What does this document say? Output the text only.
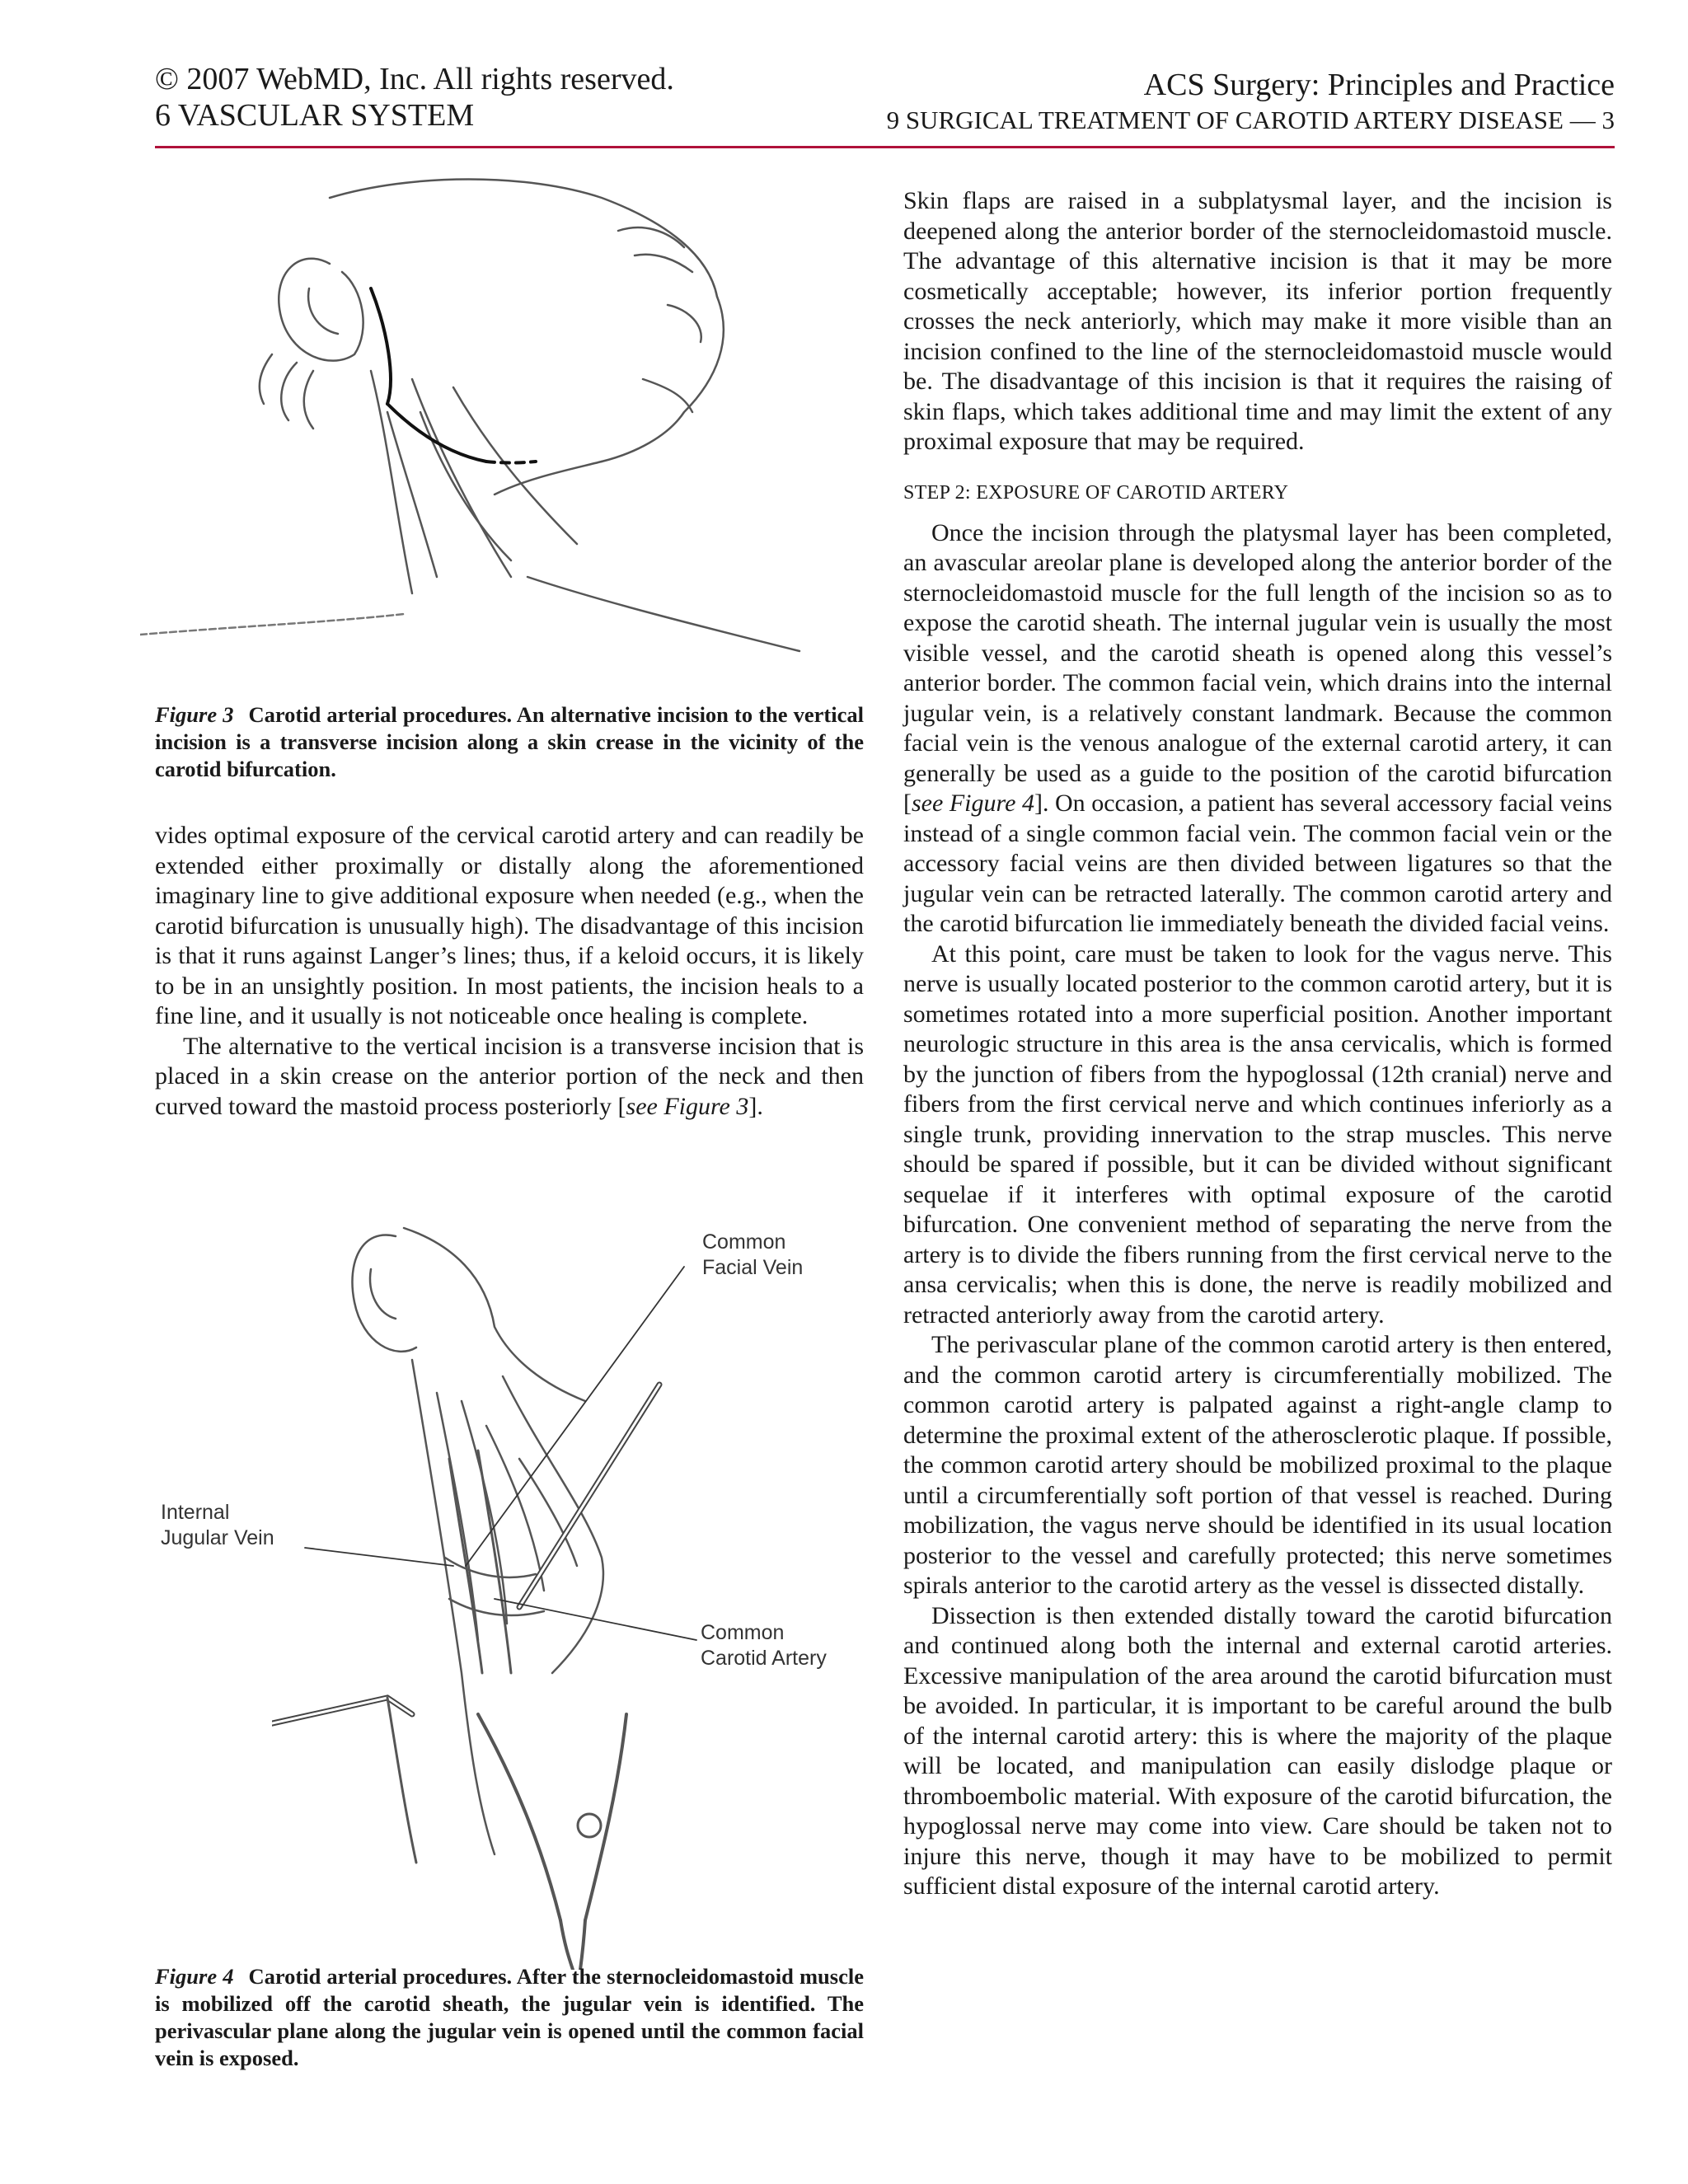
© 2007 WebMD, Inc. All rights reserved.
6 VASCULAR SYSTEM
ACS Surgery: Principles and Practice
9 SURGICAL TREATMENT OF CAROTID ARTERY DISEASE — 3
Figure 3 Carotid arterial procedures. An alternative incision to the vertical incision is a transverse incision along a skin crease in the vicinity of the carotid bifurcation.

vides optimal exposure of the cervical carotid artery and can readily be extended either proximally or distally along the aforementioned imaginary line to give additional exposure when needed (e.g., when the carotid bifurcation is unusually high). The disadvantage of this incision is that it runs against Langer’s lines; thus, if a keloid occurs, it is likely to be in an unsightly position. In most patients, the incision heals to a fine line, and it usually is not noticeable once healing is complete.

The alternative to the vertical incision is a transverse incision that is placed in a skin crease on the anterior portion of the neck and then curved toward the mastoid process posteriorly [see Figure 3].

Common
Facial Vein
Internal
Jugular Vein
Common
Carotid Artery
Figure 4 Carotid arterial procedures. After the sternocleidomastoid muscle is mobilized off the carotid sheath, the jugular vein is identified. The perivascular plane along the jugular vein is opened until the common facial vein is exposed.

Skin flaps are raised in a subplatysmal layer, and the incision is deepened along the anterior border of the sternocleidomastoid muscle. The advantage of this alternative incision is that it may be more cosmetically acceptable; however, its inferior portion frequently crosses the neck anteriorly, which may make it more visible than an incision confined to the line of the sternocleidomastoid muscle would be. The disadvantage of this incision is that it requires the raising of skin flaps, which takes additional time and may limit the extent of any proximal exposure that may be required.

STEP 2: EXPOSURE OF CAROTID ARTERY

Once the incision through the platysmal layer has been completed, an avascular areolar plane is developed along the anterior border of the sternocleidomastoid muscle for the full length of the incision so as to expose the carotid sheath. The internal jugular vein is usually the most visible vessel, and the carotid sheath is opened along this vessel’s anterior border. The common facial vein, which drains into the internal jugular vein, is a relatively constant landmark. Because the common facial vein is the venous analogue of the external carotid artery, it can generally be used as a guide to the position of the carotid bifurcation [see Figure 4]. On occasion, a patient has several accessory facial veins instead of a single common facial vein. The common facial vein or the accessory facial veins are then divided between ligatures so that the jugular vein can be retracted laterally. The common carotid artery and the carotid bifurcation lie immediately beneath the divided facial veins.

At this point, care must be taken to look for the vagus nerve. This nerve is usually located posterior to the common carotid artery, but it is sometimes rotated into a more superficial position. Another important neurologic structure in this area is the ansa cervicalis, which is formed by the junction of fibers from the hypoglossal (12th cranial) nerve and fibers from the first cervical nerve and which continues inferiorly as a single trunk, providing innervation to the strap muscles. This nerve should be spared if possible, but it can be divided without significant sequelae if it interferes with optimal exposure of the carotid bifurcation. One convenient method of separating the nerve from the artery is to divide the fibers running from the first cervical nerve to the ansa cervicalis; when this is done, the nerve is readily mobilized and retracted anteriorly away from the carotid artery.

The perivascular plane of the common carotid artery is then entered, and the common carotid artery is circumferentially mobilized. The common carotid artery is palpated against a right-angle clamp to determine the proximal extent of the atherosclerotic plaque. If possible, the common carotid artery should be mobilized proximal to the plaque until a circumferentially soft portion of that vessel is reached. During mobilization, the vagus nerve should be identified in its usual location posterior to the vessel and carefully protected; this nerve sometimes spirals anterior to the carotid artery as the vessel is dissected distally.

Dissection is then extended distally toward the carotid bifurcation and continued along both the internal and external carotid arteries. Excessive manipulation of the area around the carotid bifurcation must be avoided. In particular, it is important to be careful around the bulb of the internal carotid artery: this is where the majority of the plaque will be located, and manipulation can easily dislodge plaque or thromboembolic material. With exposure of the carotid bifurcation, the hypoglossal nerve may come into view. Care should be taken not to injure this nerve, though it may have to be mobilized to permit sufficient distal exposure of the internal carotid artery.
